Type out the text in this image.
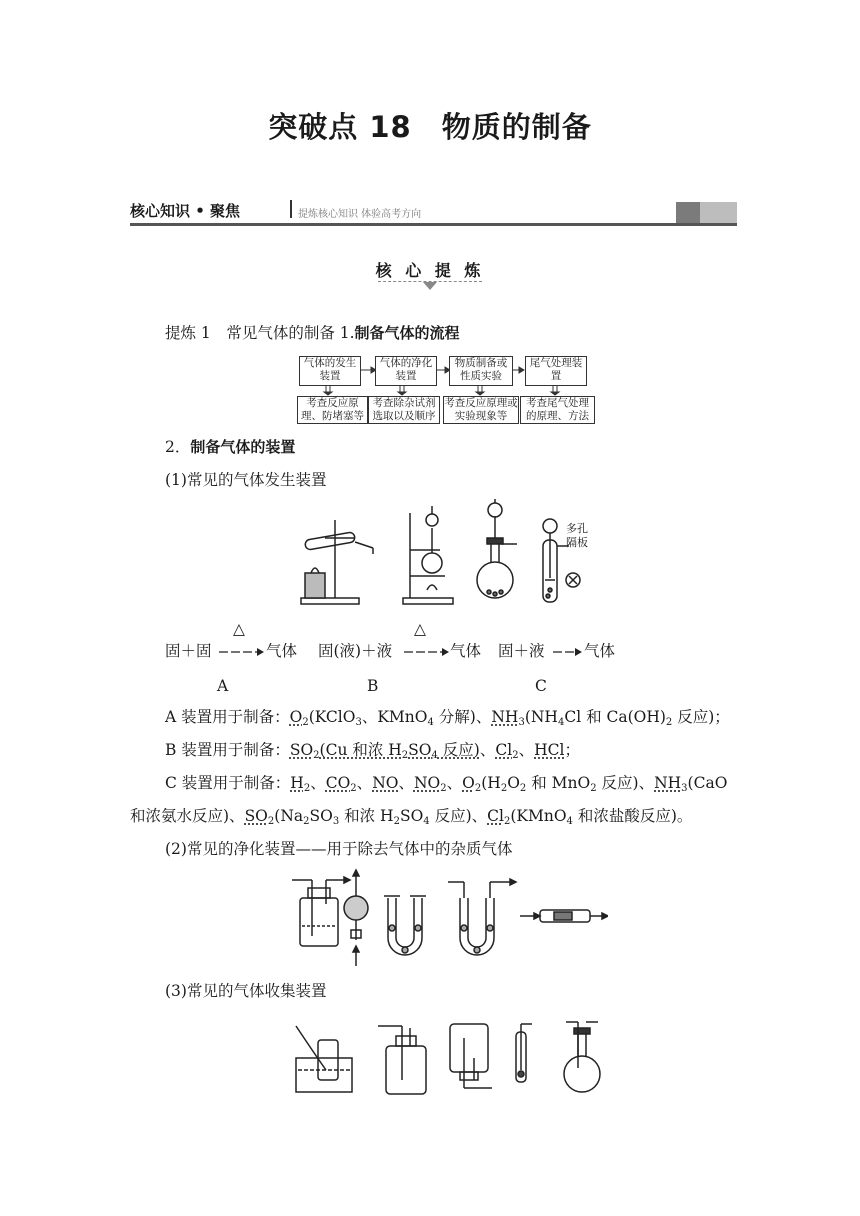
突破点 18　物质的制备
核心知识 • 聚焦	提炼核心知识 体验高考方向
核 心 提 炼
提炼 1　 常见气体的制备 1.制备气体的流程
气体的发生装置
气体的净化装置
物质制备或性质实验
尾气处理装置
考查反应原理、防堵塞等
考查除杂试剂选取以及顺序
考查反应原理或实验现象等
考查尾气处理的原理、方法
2．制备气体的装置
(1)常见的气体发生装置
多孔隔板
△	△
固＋固	气体 固(液)＋液	气体 固＋液	气体
A	B	C
A 装置用于制备：$O_2(KClO_3$、KMnO$_4$ 分解)、$NH_3(NH_4Cl$ 和 $Ca(OH)_2$ 反应)；
B 装置用于制备：$SO_2(Cu$ 和浓 $H_2SO_4$ 反应)、$Cl_2$、HCl；
C 装置用于制备：$H_2$、$CO_2$、NO、$NO_2$、$O_2(H_2O_2$ 和 MnO$_2$ 反应)、$NH_3(CaO$
和浓氨水反应)、$SO_2(Na_2SO_3$ 和浓 $H_2SO_4$ 反应)、$Cl_2(KMnO_4$ 和浓盐酸反应)。
(2)常见的净化装置——用于除去气体中的杂质气体
(3)常见的气体收集装置
